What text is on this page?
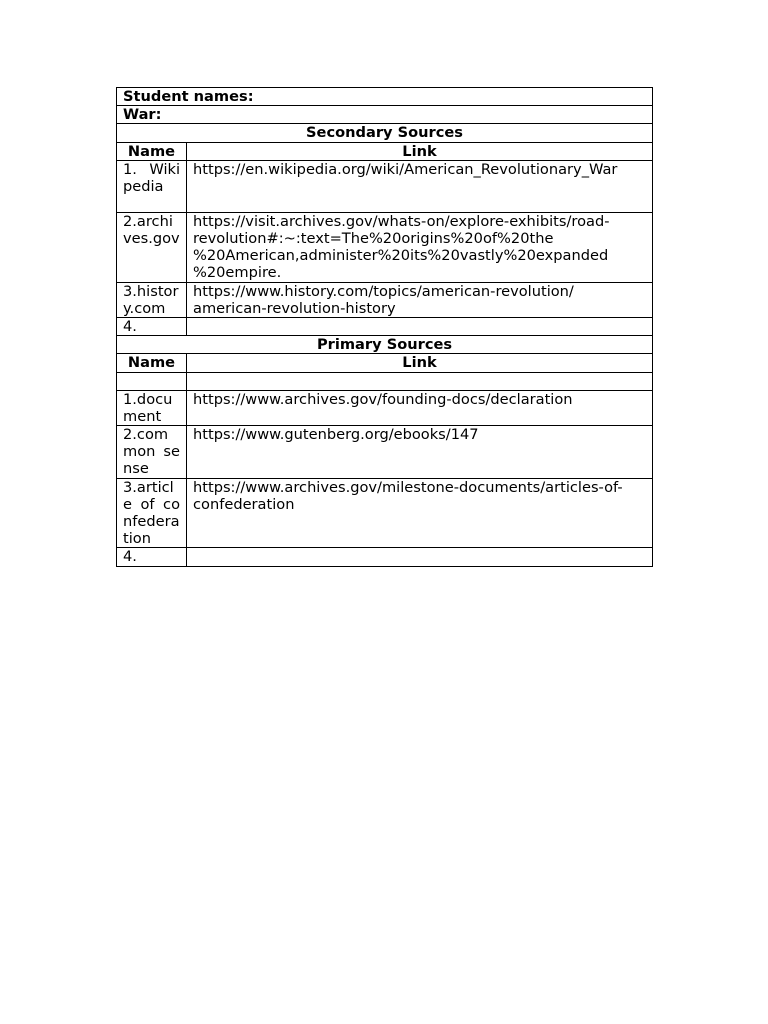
Student names:	
War:	
Secondary Sources	
Name	Link
1. Wikipedia	https://en.wikipedia.org/wiki/American_Revolutionary_War
2.archives.gov	https://visit.archives.gov/whats-on/explore-exhibits/road-revolution#:~:text=The%20origins%20of%20the %20American,administer%20its%20vastly%20expanded %20empire.
3.history.com	https://www.history.com/topics/american-revolution/ american-revolution-history
4.	
Primary Sources	
Name	Link

1.document	https://www.archives.gov/founding-docs/declaration
2.common sense	https://www.gutenberg.org/ebooks/147
3.article of confederation	https://www.archives.gov/milestone-documents/articles-of-confederation
4.	
